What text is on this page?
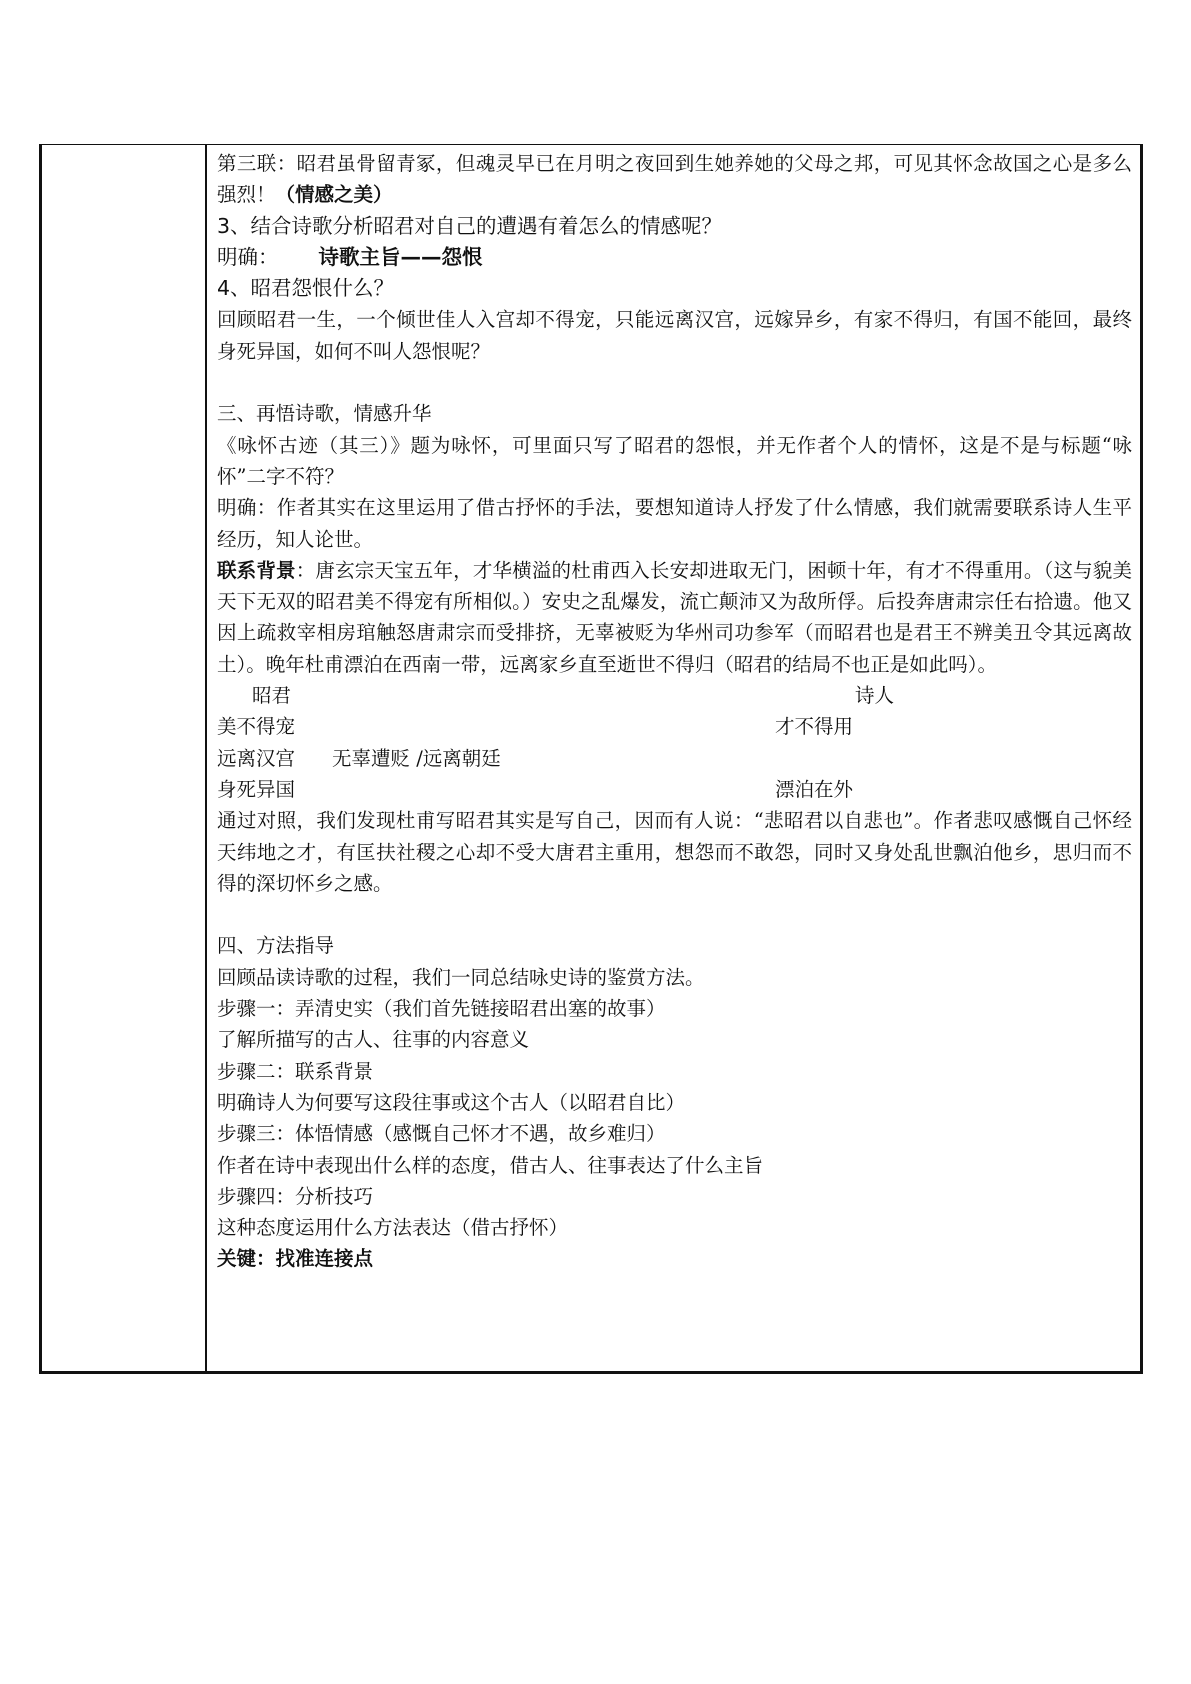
第三联：昭君虽骨留青冢，但魂灵早已在月明之夜回到生她养她的父母之邦，可见其怀念故国之心是多么强烈！（情感之美）

3、结合诗歌分析昭君对自己的遭遇有着怎么的情感呢？

明确： 诗歌主旨——怨恨

4、昭君怨恨什么？

回顾昭君一生，一个倾世佳人入宫却不得宠，只能远离汉宫，远嫁异乡，有家不得归，有国不能回，最终身死异国，如何不叫人怨恨呢？

三、再悟诗歌，情感升华

《咏怀古迹（其三）》题为咏怀，可里面只写了昭君的怨恨，并无作者个人的情怀，这是不是与标题“咏怀”二字不符？

明确：作者其实在这里运用了借古抒怀的手法，要想知道诗人抒发了什么情感，我们就需要联系诗人生平经历，知人论世。

联系背景：唐玄宗天宝五年，才华横溢的杜甫西入长安却进取无门，困顿十年，有才不得重用。（这与貌美天下无双的昭君美不得宠有所相似。）安史之乱爆发，流亡颠沛又为敌所俘。后投奔唐肃宗任右拾遗。他又因上疏救宰相房琯触怒唐肃宗而受排挤，无辜被贬为华州司功参军（而昭君也是君王不辨美丑令其远离故土）。晚年杜甫漂泊在西南一带，远离家乡直至逝世不得归（昭君的结局不也正是如此吗）。

昭君	诗人
美不得宠	才不得用
远离汉宫 无辜遭贬 /远离朝廷
身死异国	漂泊在外

通过对照，我们发现杜甫写昭君其实是写自己，因而有人说：“悲昭君以自悲也”。作者悲叹感慨自己怀经天纬地之才，有匡扶社稷之心却不受大唐君主重用，想怨而不敢怨，同时又身处乱世飘泊他乡，思归而不得的深切怀乡之感。

四、方法指导

回顾品读诗歌的过程，我们一同总结咏史诗的鉴赏方法。

步骤一：弄清史实（我们首先链接昭君出塞的故事）

了解所描写的古人、往事的内容意义

步骤二：联系背景

明确诗人为何要写这段往事或这个古人（以昭君自比）

步骤三：体悟情感（感慨自己怀才不遇，故乡难归）

作者在诗中表现出什么样的态度，借古人、往事表达了什么主旨

步骤四：分析技巧

这种态度运用什么方法表达（借古抒怀）

关键：找准连接点
